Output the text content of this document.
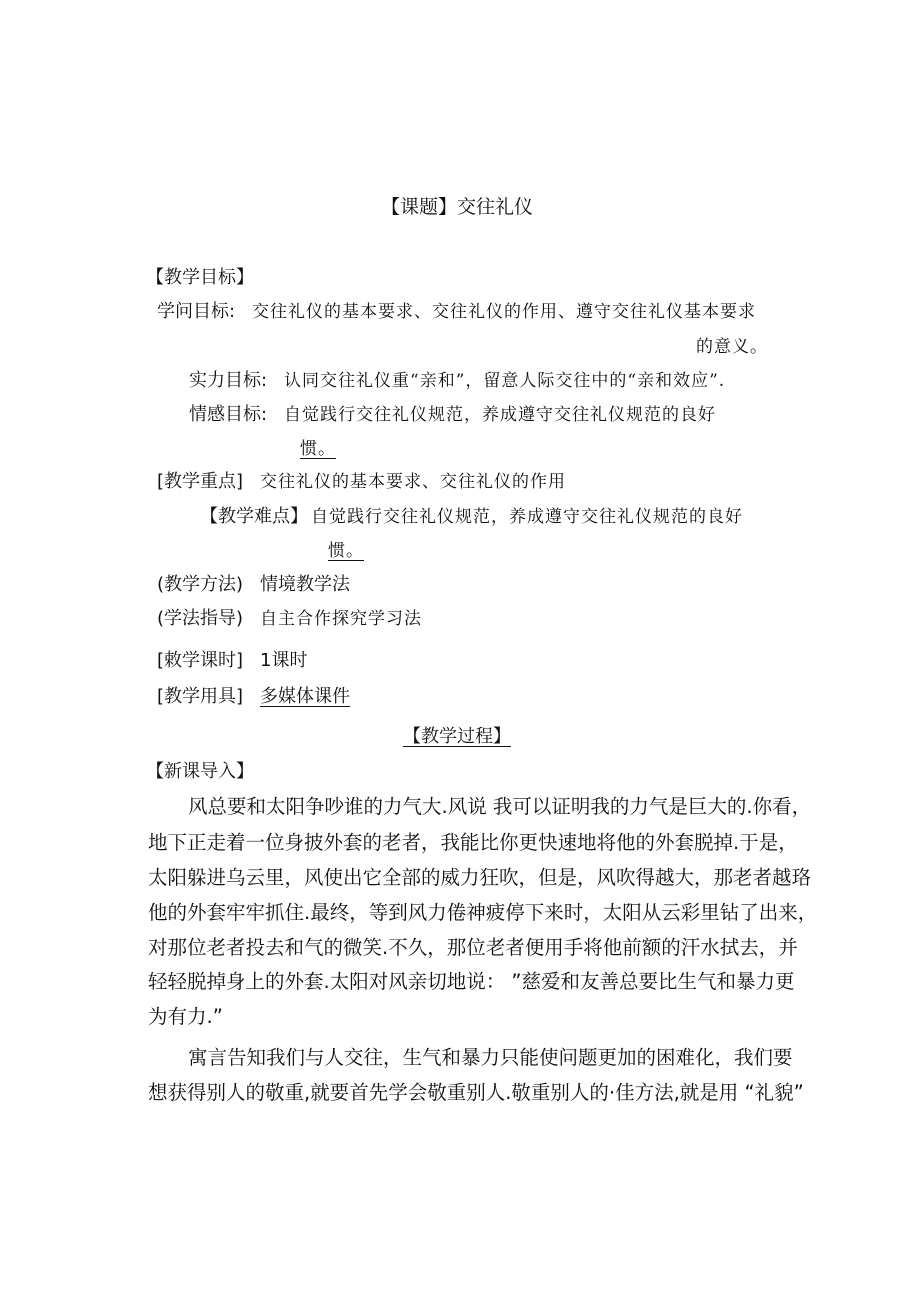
【课题】交往礼仪
【教学目标】
学问目标: 交往礼仪的基本要求、交往礼仪的作用、遵守交往礼仪基本要求
的意义。
实力目标: 认同交往礼仪重“亲和”，留意人际交往中的“亲和效应”.
情感目标: 自觉践行交往礼仪规范，养成遵守交往礼仪规范的良好
惯。
[教学重点] 交往礼仪的基本要求、交往礼仪的作用
【教学难点】 自觉践行交往礼仪规范，养成遵守交往礼仪规范的良好
惯。
(教学方法) 情境教学法
(学法指导) 自主合作探究学习法
[敕学课时] 1课时
[教学用具] 多媒体课件
【教学过程】
【新课导入】
风总要和太阳争吵谁的力气大.风说 我可以证明我的力气是巨大的.你看，
地下正走着一位身披外套的老者，我能比你更快速地将他的外套脱掉.于是，
太阳躲进乌云里，风使出它全部的威力狂吹，但是，风吹得越大，那老者越珞
他的外套牢牢抓住.最终，等到风力倦神疲停下来时，太阳从云彩里钻了出来，
对那位老者投去和气的微笑.不久，那位老者便用手将他前额的汗水拭去，并
轻轻脱掉身上的外套.太阳对风亲切地说： ”慈爱和友善总要比生气和暴力更
为有力.”
寓言告知我们与人交往，生气和暴力只能使问题更加的困难化，我们要
想获得别人的敬重,就要首先学会敬重别人.敬重别人的·佳方法,就是用 “礼貌”
